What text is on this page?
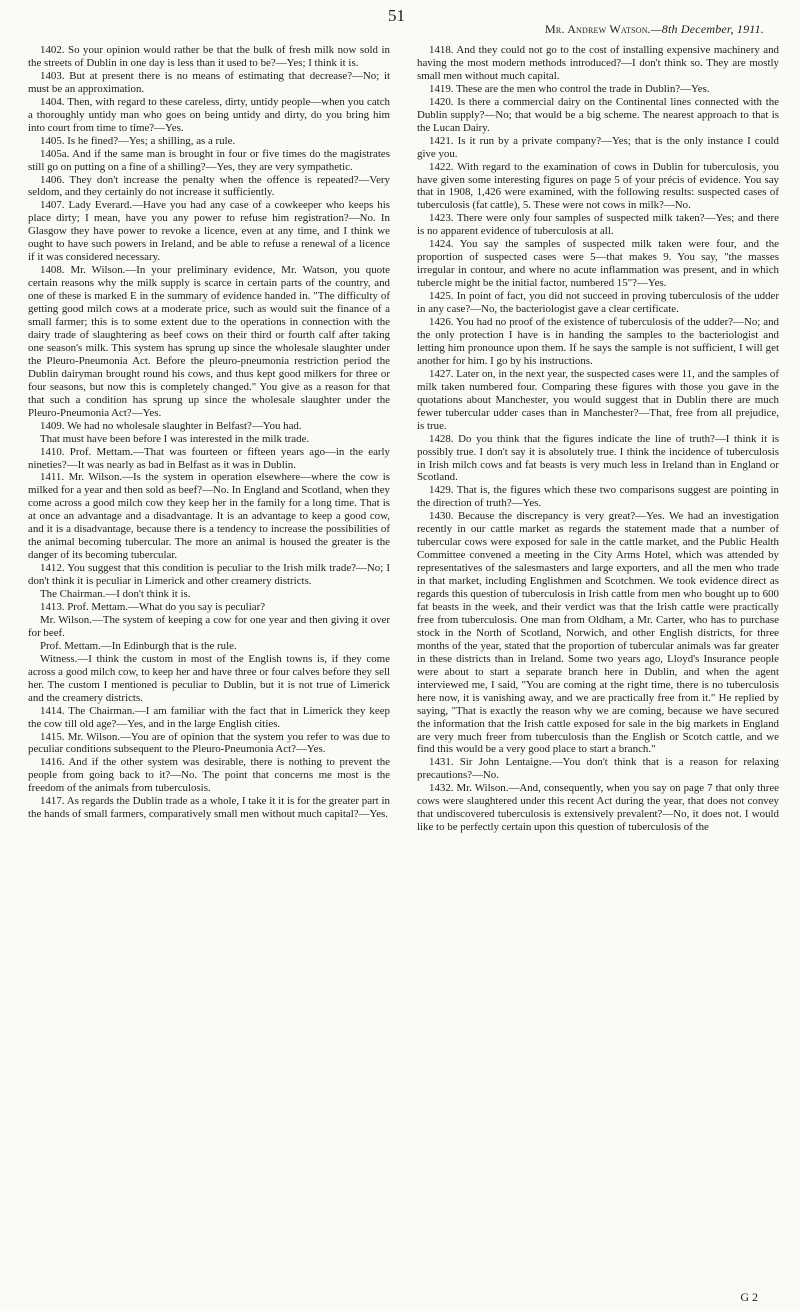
51
Mr. Andrew Watson.—8th December, 1911.

1402. So your opinion would rather be that the bulk of fresh milk now sold in the streets of Dublin in one day is less than it used to be?—Yes; I think it is.

1403. But at present there is no means of estimating that decrease?—No; it must be an approximation.

1404. Then, with regard to these careless, dirty, untidy people—when you catch a thoroughly untidy man who goes on being untidy and dirty, do you bring him into court from time to time?—Yes.

1405. Is he fined?—Yes; a shilling, as a rule.

1405a. And if the same man is brought in four or five times do the magistrates still go on putting on a fine of a shilling?—Yes, they are very sympathetic.

1406. They don't increase the penalty when the offence is repeated?—Very seldom, and they certainly do not increase it sufficiently.

1407. Lady Everard.—Have you had any case of a cowkeeper who keeps his place dirty; I mean, have you any power to refuse him registration?—No. In Glasgow they have power to revoke a licence, even at any time, and I think we ought to have such powers in Ireland, and be able to refuse a renewal of a licence if it was considered necessary.

1408. Mr. Wilson.—In your preliminary evidence, Mr. Watson, you quote certain reasons why the milk supply is scarce in certain parts of the country, and one of these is marked E in the summary of evidence handed in. "The difficulty of getting good milch cows at a moderate price, such as would suit the finance of a small farmer; this is to some extent due to the operations in connection with the dairy trade of slaughtering as beef cows on their third or fourth calf after taking one season's milk. This system has sprung up since the wholesale slaughter under the Pleuro-Pneumonia Act. Before the pleuro-pneumonia restriction period the Dublin dairyman brought round his cows, and thus kept good milkers for three or four seasons, but now this is completely changed." You give as a reason for that that such a condition has sprung up since the wholesale slaughter under the Pleuro-Pneumonia Act?—Yes.

1409. We had no wholesale slaughter in Belfast?—You had.

That must have been before I was interested in the milk trade.

1410. Prof. Mettam.—That was fourteen or fifteen years ago—in the early nineties?—It was nearly as bad in Belfast as it was in Dublin.

1411. Mr. Wilson.—Is the system in operation elsewhere—where the cow is milked for a year and then sold as beef?—No. In England and Scotland, when they come across a good milch cow they keep her in the family for a long time. That is at once an advantage and a disadvantage. It is an advantage to keep a good cow, and it is a disadvantage, because there is a tendency to increase the possibilities of the animal becoming tubercular. The more an animal is housed the greater is the danger of its becoming tubercular.

1412. You suggest that this condition is peculiar to the Irish milk trade?—No; I don't think it is peculiar in Limerick and other creamery districts.

The Chairman.—I don't think it is.

1413. Prof. Mettam.—What do you say is peculiar?

Mr. Wilson.—The system of keeping a cow for one year and then giving it over for beef.

Prof. Mettam.—In Edinburgh that is the rule.

Witness.—I think the custom in most of the English towns is, if they come across a good milch cow, to keep her and have three or four calves before they sell her. The custom I mentioned is peculiar to Dublin, but it is not true of Limerick and the creamery districts.

1414. The Chairman.—I am familiar with the fact that in Limerick they keep the cow till old age?—Yes, and in the large English cities.

1415. Mr. Wilson.—You are of opinion that the system you refer to was due to peculiar conditions subsequent to the Pleuro-Pneumonia Act?—Yes.

1416. And if the other system was desirable, there is nothing to prevent the people from going back to it?—No. The point that concerns me most is the freedom of the animals from tuberculosis.

1417. As regards the Dublin trade as a whole, I take it it is for the greater part in the hands of small farmers, comparatively small men without much capital?—Yes.

1418. And they could not go to the cost of installing expensive machinery and having the most modern methods introduced?—I don't think so. They are mostly small men without much capital.

1419. These are the men who control the trade in Dublin?—Yes.

1420. Is there a commercial dairy on the Continental lines connected with the Dublin supply?—No; that would be a big scheme. The nearest approach to that is the Lucan Dairy.

1421. Is it run by a private company?—Yes; that is the only instance I could give you.

1422. With regard to the examination of cows in Dublin for tuberculosis, you have given some interesting figures on page 5 of your précis of evidence. You say that in 1908, 1,426 were examined, with the following results: suspected cases of tuberculosis (fat cattle), 5. These were not cows in milk?—No.

1423. There were only four samples of suspected milk taken?—Yes; and there is no apparent evidence of tuberculosis at all.

1424. You say the samples of suspected milk taken were four, and the proportion of suspected cases were 5—that makes 9. You say, "the masses irregular in contour, and where no acute inflammation was present, and in which tubercle might be the initial factor, numbered 15"?—Yes.

1425. In point of fact, you did not succeed in proving tuberculosis of the udder in any case?—No, the bacteriologist gave a clear certificate.

1426. You had no proof of the existence of tuberculosis of the udder?—No; and the only protection I have is in handing the samples to the bacteriologist and letting him pronounce upon them. If he says the sample is not sufficient, I will get another for him. I go by his instructions.

1427. Later on, in the next year, the suspected cases were 11, and the samples of milk taken numbered four. Comparing these figures with those you gave in the quotations about Manchester, you would suggest that in Dublin there are much fewer tubercular udder cases than in Manchester?—That, free from all prejudice, is true.

1428. Do you think that the figures indicate the line of truth?—I think it is possibly true. I don't say it is absolutely true. I think the incidence of tuberculosis in Irish milch cows and fat beasts is very much less in Ireland than in England or Scotland.

1429. That is, the figures which these two comparisons suggest are pointing in the direction of truth?—Yes.

1430. Because the discrepancy is very great?—Yes. We had an investigation recently in our cattle market as regards the statement made that a number of tubercular cows were exposed for sale in the cattle market, and the Public Health Committee convened a meeting in the City Arms Hotel, which was attended by representatives of the salesmasters and large exporters, and all the men who trade in that market, including Englishmen and Scotchmen. We took evidence direct as regards this question of tuberculosis in Irish cattle from men who bought up to 600 fat beasts in the week, and their verdict was that the Irish cattle were practically free from tuberculosis. One man from Oldham, a Mr. Carter, who has to purchase stock in the North of Scotland, Norwich, and other English districts, for three months of the year, stated that the proportion of tubercular animals was far greater in these districts than in Ireland. Some two years ago, Lloyd's Insurance people were about to start a separate branch here in Dublin, and when the agent interviewed me, I said, "You are coming at the right time, there is no tuberculosis here now, it is vanishing away, and we are practically free from it." He replied by saying, "That is exactly the reason why we are coming, because we have secured the information that the Irish cattle exposed for sale in the big markets in England are very much freer from tuberculosis than the English or Scotch cattle, and we find this would be a very good place to start a branch."

1431. Sir John Lentaigne.—You don't think that is a reason for relaxing precautions?—No.

1432. Mr. Wilson.—And, consequently, when you say on page 7 that only three cows were slaughtered under this recent Act during the year, that does not convey that undiscovered tuberculosis is extensively prevalent?—No, it does not. I would like to be perfectly certain upon this question of tuberculosis of the

G 2
